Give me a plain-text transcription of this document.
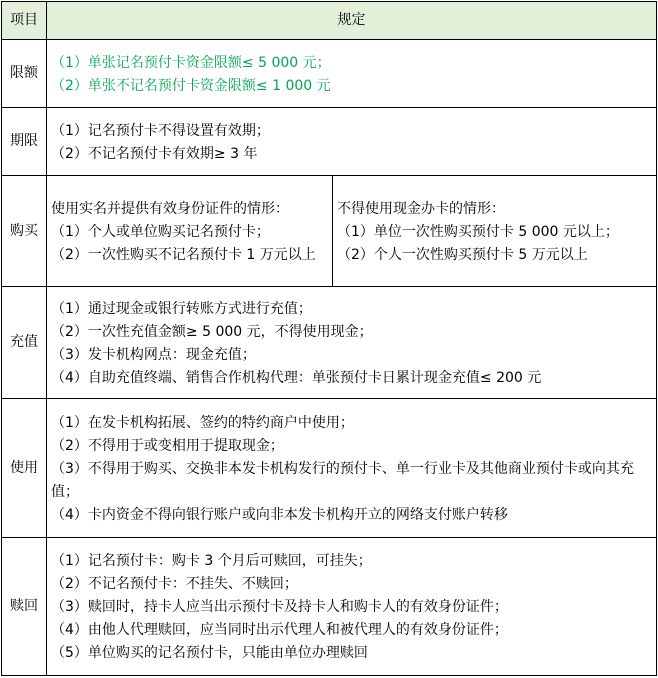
项目	规定
限额
（1）单张记名预付卡资金限额≤ 5 000 元；
（2）单张不记名预付卡资金限额≤ 1 000 元
期限
（1）记名预付卡不得设置有效期；
（2）不记名预付卡有效期≥ 3 年
购买
使用实名并提供有效身份证件的情形：
（1）个人或单位购买记名预付卡；
（2）一次性购买不记名预付卡 1 万元以上
不得使用现金办卡的情形：
（1）单位一次性购买预付卡 5 000 元以上；
（2）个人一次性购买预付卡 5 万元以上
充值
（1）通过现金或银行转账方式进行充值；
（2）一次性充值金额≥ 5 000 元，不得使用现金；
（3）发卡机构网点：现金充值；
（4）自助充值终端、销售合作机构代理：单张预付卡日累计现金充值≤ 200 元
使用
（1）在发卡机构拓展、签约的特约商户中使用；
（2）不得用于或变相用于提取现金；
（3）不得用于购买、交换非本发卡机构发行的预付卡、单一行业卡及其他商业预付卡或向其充值；
（4）卡内资金不得向银行账户或向非本发卡机构开立的网络支付账户转移
赎回
（1）记名预付卡：购卡 3 个月后可赎回，可挂失；
（2）不记名预付卡：不挂失、不赎回；
（3）赎回时，持卡人应当出示预付卡及持卡人和购卡人的有效身份证件；
（4）由他人代理赎回，应当同时出示代理人和被代理人的有效身份证件；
（5）单位购买的记名预付卡，只能由单位办理赎回
